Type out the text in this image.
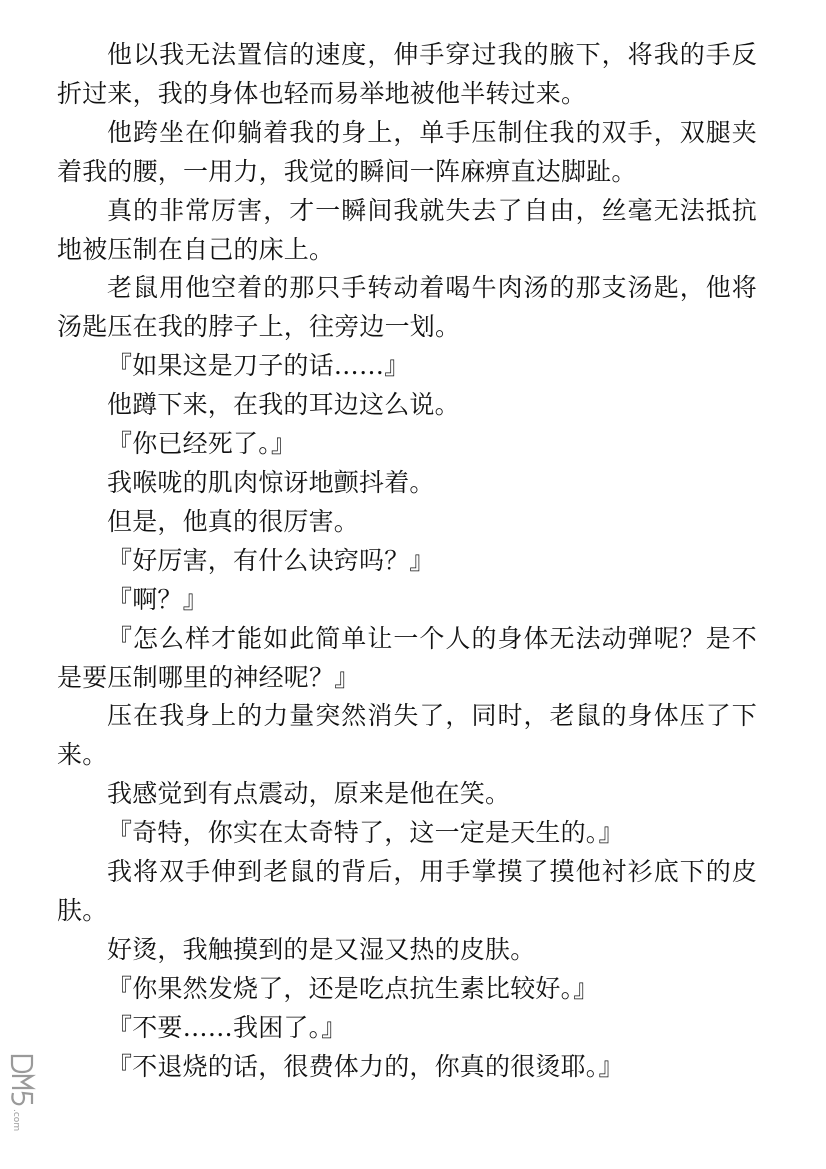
他以我无法置信的速度，伸手穿过我的腋下，将我的手反折过来，我的身体也轻而易举地被他半转过来。

他跨坐在仰躺着我的身上，单手压制住我的双手，双腿夹着我的腰，一用力，我觉的瞬间一阵麻痹直达脚趾。

真的非常厉害，才一瞬间我就失去了自由，丝毫无法抵抗地被压制在自己的床上。

老鼠用他空着的那只手转动着喝牛肉汤的那支汤匙，他将汤匙压在我的脖子上，往旁边一划。

『如果这是刀子的话……』

他蹲下来，在我的耳边这么说。

『你已经死了。』

我喉咙的肌肉惊讶地颤抖着。

但是，他真的很厉害。

『好厉害，有什么诀窍吗？』

『啊？』

『怎么样才能如此简单让一个人的身体无法动弹呢？是不是要压制哪里的神经呢？』

压在我身上的力量突然消失了，同时，老鼠的身体压了下来。

我感觉到有点震动，原来是他在笑。

『奇特，你实在太奇特了，这一定是天生的。』

我将双手伸到老鼠的背后，用手掌摸了摸他衬衫底下的皮肤。

好烫，我触摸到的是又湿又热的皮肤。

『你果然发烧了，还是吃点抗生素比较好。』

『不要……我困了。』

『不退烧的话，很费体力的，你真的很烫耶。』

.com
